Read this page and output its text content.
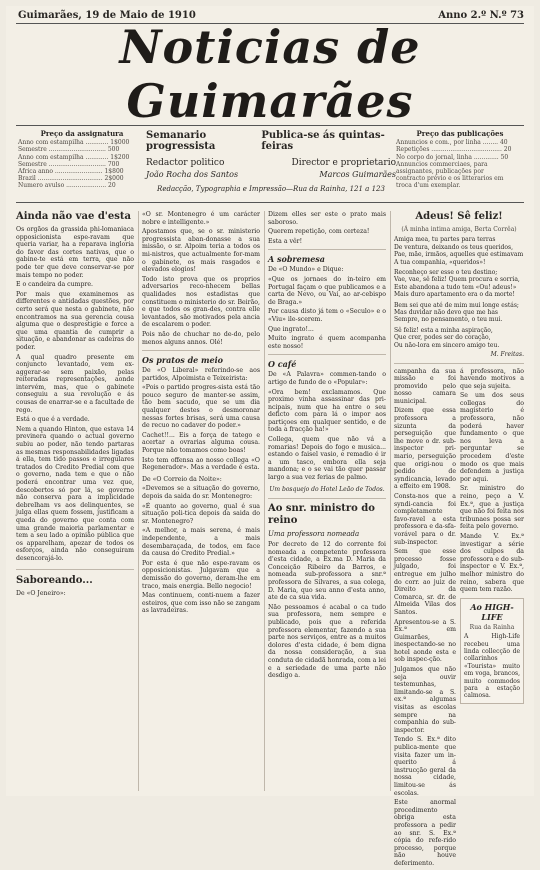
Guimarães, 19 de Maio de 1910	Anno 2.º N.º 73
Noticias de Guimarães
Preço da assignatura
Anno com estampilha ............ 1$000
Semestre .............................. 500
Anno com estampilha ............ 1$200
Semestre .............................. 700
Africa anno ......................... 1$800
Brazil .................................. 2$000
Numero avulso ..................... 20
Semanario progressista
Publica-se ás quintas-feiras
Redactor politico	Director e proprietario
João Rocha dos Santos	Marcos Guimarães
Redacção, Typographia e Impressão—Rua da Rainha, 121 a 123
Preço das publicações
Annuncios e com., por linha ........ 40
Repetições ..................................... 20
No corpo do jornal, linha ............. 50
Annuncios commerciaes, para
assignantes, publicações por
contracto prévio e os litterarios em
troca d'um exemplar.
Ainda não vae d'esta
Os orgãos da grassida phi-lomaniaca opposicionista espe-ravam que queria variar, ha a reparava ingloria do favor das cortes nativas, que o gabine-te está em terra, que não pode ter que deve conservar-se por mais tempo no poder.
E o candeira da cumpre.
Por mais que examinemos as differentes e antidadas questões, por certo será que nesta o gabinete, não encontramos na sua gerencia cousa alguma que o desprestigie e force a que uma quantia de cumprir a situação, e abandonar as cadeiras do poder.
A qual quadro presente em conjuncto levantado, vem ex-aggerar-se sem paixão, pelas reiteradas representações, aonde intervém, mas, que o gabinete conseguiu a sua revolução e ás cousas de enarrar-se e a facultade de rego.
Está o que é a verdade.
Nem a quando Hinton, que estava 14 previnera quando o actual governo subiu ao poder, não tendo partaras as mesmas responsabilidades ligadas á ella, tem tido passos e irregulares tratados do Credito Predial com que o governo, nada tem e que o não poderá encontrar uma vez que, descobertos só por lá, se governo não conserva para a implicidade debrelham vs aos delinquentes, se julga ellas quem fossem, justificam a queda do governo que conta com uma grande maioria parlamentar e tem a seu lado a opinião pública que os apparelham, apezar de todos os esforços, ainda não conseguiram desencorajá-lo.
Saboreando...
De «O Jeneiro»:
«O sr. Montenegro é um carácter nobre e intelligente.»
Apostamos que, se o sr. ministerio progressista aban-donasse a sua missão, o sr. Alpoim teria a todos os mi-nistros, que actualmente for-mam o gabinete, os mais rasgados e elevados elogios!
Todo isto prova que os proprios adversarios reco-nhecem bellas qualidades nos estadistas que constituem o ministerio do sr. Beirão, e que todos os gran-des, contra elle levantados, são motivados pela ancia de escalarem o poder.
Pois não de chuchar no de-do, pelo menos alguns annos. Olé!
Os pratos de meio
De «O Liberal» referindo-se aos partidos, Alpoimista e Teixeirista:
«Pois o partido progres-sista está tão pouco seguro de manter-se assim, tão bem sacudo, que se um dia qualquer destes o desmoronar nessas fortes brisas, será uma causa de recuo no cadaver do poder.»
Cachet!!... Eis a força de tatego e acertar a ovrarias alguma cousa. Porque não tomamos como boas!
Isto tem offensa ao nosso collega «O Regenerador». Mas a verdade é esta.
De «O Correio da Noite»:
«Devemos se a situação do governo, depois da saida do sr. Montenegro:
«É quanto ao governo, qual é sua situação poli-tica depois da saida do sr. Montenegro?
«A melhor, a mais serena, é mais independente, a mais desembaraçada, de todos, em face da causa do Credito Predial.»
Por esta é que não espe-ravam os opposicionistas. Julgavam que a demissão do governo, deram-lhe em traco, mais energia. Bello negocio!
Mas continuem, conti-nuem a fazer esteiros, que com isso não se zangam as lavradeiras.
Dizem elles ser este o prato mais saboroso.
Querem repetição, com certeza!
Esta a vêr!
A sobremesa
De «O Mundo» e Dique:
«Que os jornaes do in-teiro em Portugal façam o que publicamos e a carta de Nevo, ou Vai, ao ar-cebispo de Braga.»
Por causa disto já tem o «Seculo» e o «Viu» ile-scerem.
Que ingrato!...
Muito ingrato é quem acompanha este nosso!
O café
De «A Palavra» commen-tando o artigo de fundo de o «Popular»:
«Ora bem! exclamamos. Que proximo vinha assassinar das pri-ncipais, num que ha entre o seu deficto com para lá o impor aos partiçoes em qualquer sentido, e de toda a fracção ha!»
Collega, quem que não vá a romarias! Depois do fogo e musica... estando o faisel vasio, e remadio é ir a um tasco, embora ella seja mandona; e o se vai tão quer passar largo a sua vez ferias de palmo.
Um bosquejo do Hotel Leão de Todos.
Ao snr. ministro do reino
Uma professora nomeada
Por decreto de 12 do corrente foi nomeada a competente professora d'esta cidade, a Ex.ma D. Maria da Conceição Ribeiro da Barros, e nomeada sub-professora a snr.ª professora de Silvares, a sua colega, D. Maria, quo seu anno d'esta anno, ate de ca sua vida.
Não pessoamos é acabal o ca tudo sua professora, nem sempre e publicado, pois que a referida professora elementar, fazendo a sua parte nos serviços, entre as a muitos dolores d'esta cidade, é bem digna da nossa consideração, a sua conduta de cidadã honrada, com a lei e a seriedade de uma parte não desdigo a.
Adeus! Sê feliz!
(Á minha intima amiga, Berta Corrêa)
Amiga mea, tu partes para terras
De ventura, deixando os teus queridos,
Pae, mãe, irmãos, aquelles que estimavam
A tua companhia, «queridos»!
Reconheço ser esse o teu destino;
Vae, vae, sê feliz! Quem procura e sorria,
Este abandona a tudo tem «Ou! adeus!»
Mais duro apartamento era o da morte!
Bem sei que até de mim mui longe estás;
Mas duvidar não devo que me has
Sempre, no pensamento, o teu mui.
Sê feliz! esta a minha aspiração,
Que crer, podes ser do coração,
Ou não-lora em sincero amigo teu.
M. Freitas.
campanha da sua missão e foi promovido pelo nosso camara municipal.
Dizem que essa professora a sizunta da perseguição que lhe move o dr. sub-inspector pri-mario, perseguição que origi-nou o pedido de syndicancia, levado a effeito em 1908.
Consta-nos que a syndi-cancia foi completamente favo-ravel a esta professora e da-sfa-vorável para o dr. sub-inspector.
Sem que esse processo fosse julgado, foi entregue em julho do corr. ao juiz de Direito da Comarca, sr. dr. de Almeida Vilas dos Santos.
Apresentou-se a S. Ex.ª em Guimarães, inespectando-se no hotel aonde esta e sob inspec-ção.
Julgamos que não seja ouvir testemunhas, limitando-se a S. ex.ª algumas visitas as escolas sempre na companhia do sub-inspector.
Tendo S. Ex.ª dito publica-mente que visita fazer um in-querito á instrucção geral da nossa cidade, limitou-se ás escolas.
Este anormal procedimento obriga esta professora a pedir ao snr. S. Ex.ª cópia do refe-rido processo, porque não houve deferimento.
á professora, não havendo motivos a que seja sujeita.
Se um dos seus collegas do magisterio é professora, não poderá haver fundamento o que nos leva a perguntar se procedem d'este modo os que mais defendem a justiça por aqui.
Sr. ministro do reino, peço a V. Ex.ª, que a justiça que não foi feita nos tribunaes possa ser feita pelo governo.
Mande V. Ex.ª investigar a série dos culpos da professora e do sub-inspector e V. Ex.ª, melhor ministro do reino, sabera que quem tem razão.
Ao HIGH-LIFE
Rua da Rainha
A High-Life recebeu uma linda collecção de collarinhos «Tourista» muito em voga, brancos, muito commodos para a estação calmosa.
